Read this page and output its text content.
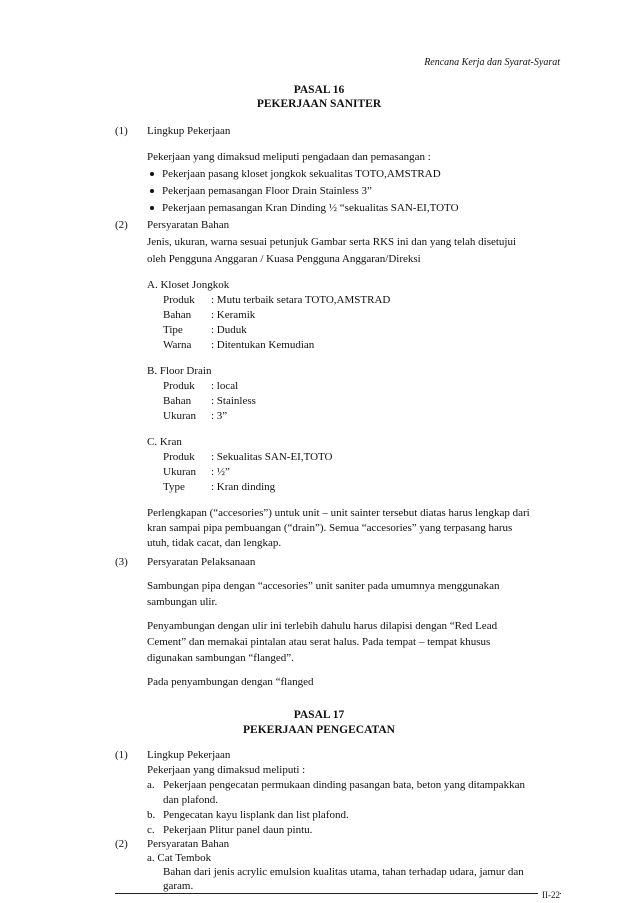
Rencana Kerja dan Syarat-Syarat
PASAL 16
PEKERJAAN SANITER
(1) Lingkup Pekerjaan
Pekerjaan yang dimaksud meliputi pengadaan dan pemasangan :
Pekerjaan pasang kloset jongkok sekualitas TOTO,AMSTRAD
Pekerjaan pemasangan Floor Drain Stainless 3”
Pekerjaan pemasangan Kran Dinding ½ “sekualitas SAN-EI,TOTO
(2) Persyaratan Bahan
Jenis, ukuran, warna sesuai petunjuk Gambar serta RKS ini dan yang telah disetujui
oleh Pengguna Anggaran / Kuasa Pengguna Anggaran/Direksi
A. Kloset Jongkok
Produk : Mutu terbaik setara TOTO,AMSTRAD
Bahan : Keramik
Tipe	: Duduk
Warna : Ditentukan Kemudian
B. Floor Drain
Produk : local
Bahan : Stainless
Ukuran : 3”
C. Kran
Produk : Sekualitas SAN-EI,TOTO
Ukuran : ½”
Type : Kran dinding
Perlengkapan (“accesories”) untuk unit – unit sainter tersebut diatas harus lengkap dari
kran sampai pipa pembuangan (“drain”). Semua “accesories” yang terpasang harus
utuh, tidak cacat, dan lengkap.
(3) Persyaratan Pelaksanaan
Sambungan pipa dengan “accesories” unit saniter pada umumnya menggunakan
sambungan ulir.
Penyambungan dengan ulir ini terlebih dahulu harus dilapisi dengan “Red Lead
Cement” dan memakai pintalan atau serat halus. Pada tempat – tempat khusus
digunakan sambungan “flanged”.
Pada penyambungan dengan “flanged
PASAL 17
PEKERJAAN PENGECATAN
(1) Lingkup Pekerjaan
Pekerjaan yang dimaksud meliputi :
a. Pekerjaan pengecatan permukaan dinding pasangan bata, beton yang ditampakkan
dan plafond.
b. Pengecatan kayu lisplank dan list plafond.
c. Pekerjaan Plitur panel daun pintu.
(2) Persyaratan Bahan
a. Cat Tembok
Bahan dari jenis acrylic emulsion kualitas utama, tahan terhadap udara, jamur dan
garam.
II-22
